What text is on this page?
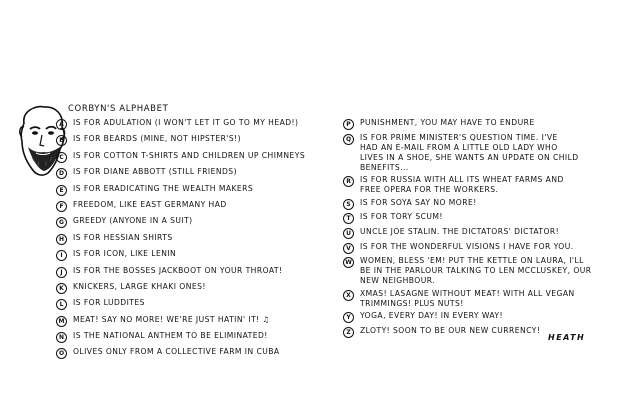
CORBYN'S ALPHABET
A	IS FOR ADULATION (I WON'T LET IT GO TO MY HEAD!)
B	IS FOR BEARDS (MINE, NOT HIPSTER'S!)
C	IS FOR COTTON T-SHIRTS AND CHILDREN UP CHIMNEYS
D	IS FOR DIANE ABBOTT (STILL FRIENDS)
E	IS FOR ERADICATING THE WEALTH MAKERS
F	FREEDOM, LIKE EAST GERMANY HAD
G	GREEDY (ANYONE IN A SUIT)
H	IS FOR HESSIAN SHIRTS
I	IS FOR ICON, LIKE LENIN
J	IS FOR THE BOSSES JACKBOOT ON YOUR THROAT!
K	KNICKERS, LARGE KHAKI ONES!
L	IS FOR LUDDITES
M	MEAT! SAY NO MORE! WE'RE JUST HATIN' IT! ♫
N	IS THE NATIONAL ANTHEM TO BE ELIMINATED!
O	OLIVES ONLY FROM A COLLECTIVE FARM IN CUBA
P	PUNISHMENT, YOU MAY HAVE TO ENDURE
Q	IS FOR PRIME MINISTER'S QUESTION TIME. I'VE
HAD AN E-MAIL FROM A LITTLE OLD LADY WHO
LIVES IN A SHOE, SHE WANTS AN UPDATE ON CHILD
BENEFITS...
R	IS FOR RUSSIA WITH ALL ITS WHEAT FARMS AND
FREE OPERA FOR THE WORKERS.
S	IS FOR SOYA SAY NO MORE!
T	IS FOR TORY SCUM!
U	UNCLE JOE STALIN. THE DICTATORS' DICTATOR!
V	IS FOR THE WONDERFUL VISIONS I HAVE FOR YOU.
W WOMEN, BLESS 'EM! PUT THE KETTLE ON LAURA, I'LL
BE IN THE PARLOUR TALKING TO LEN MCCLUSKEY, OUR
NEW NEIGHBOUR.
X	XMAS! LASAGNE WITHOUT MEAT! WITH ALL VEGAN
TRIMMINGS! PLUS NUTS!
Y	YOGA, EVERY DAY! IN EVERY WAY!
Z	ZLOTY! SOON TO BE OUR NEW CURRENCY!
HEATH
